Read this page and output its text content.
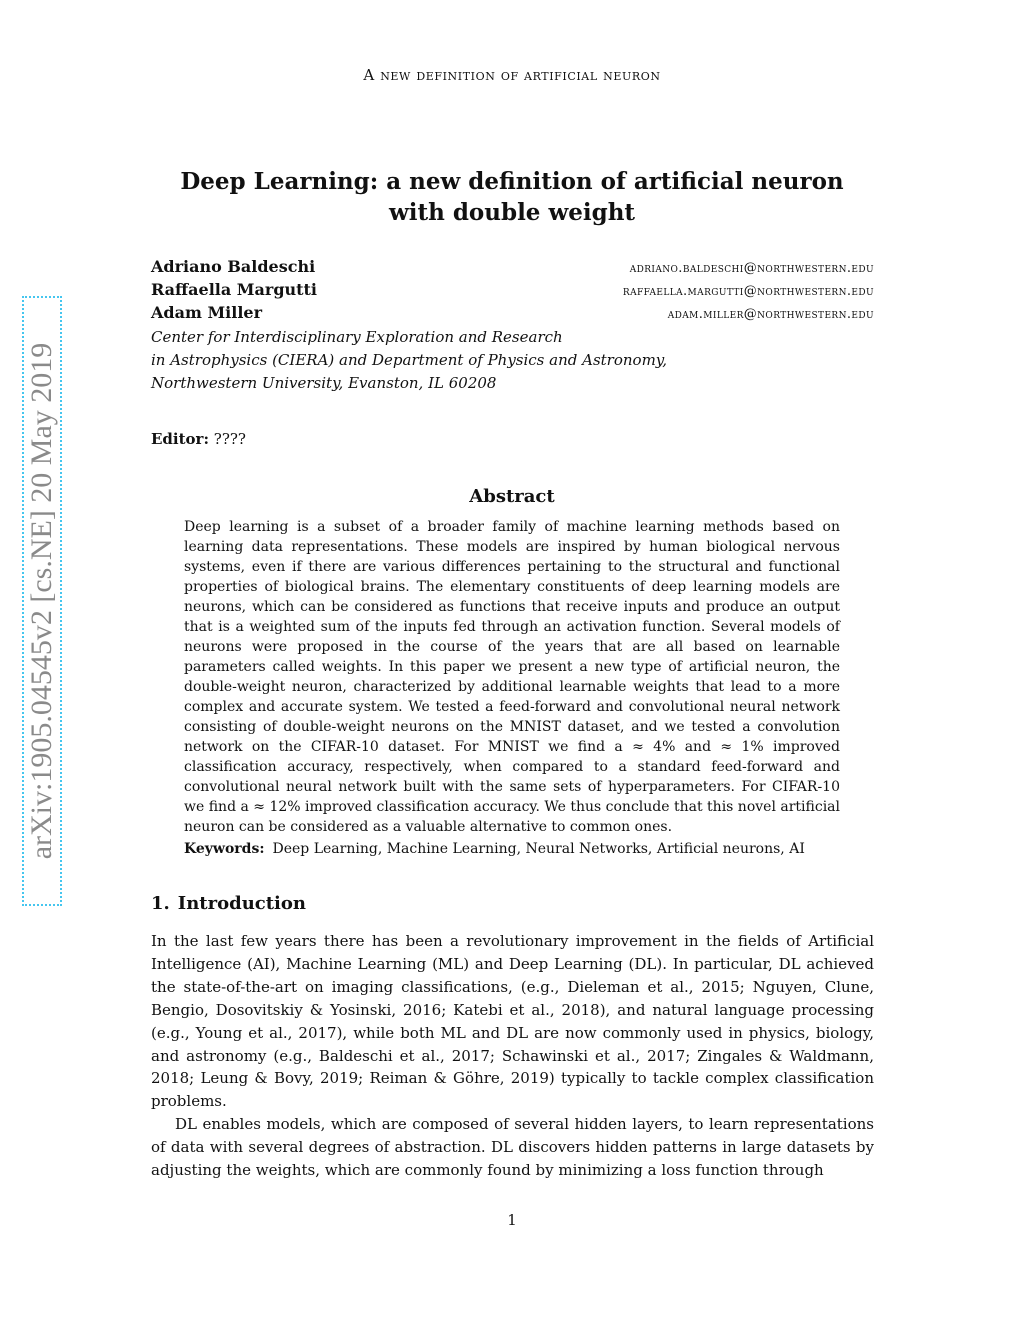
A new definition of artificial neuron
arXiv:1905.04545v2 [cs.NE] 20 May 2019
Deep Learning: a new definition of artificial neuron with double weight
Adriano Baldeschi	adriano.baldeschi@northwestern.edu
Raffaella Margutti	raffaella.margutti@northwestern.edu
Adam Miller	adam.miller@northwestern.edu
Center for Interdisciplinary Exploration and Research
in Astrophysics (CIERA) and Department of Physics and Astronomy,
Northwestern University, Evanston, IL 60208
Editor: ????
Abstract
Deep learning is a subset of a broader family of machine learning methods based on learning data representations. These models are inspired by human biological nervous systems, even if there are various differences pertaining to the structural and functional properties of biological brains. The elementary constituents of deep learning models are neurons, which can be considered as functions that receive inputs and produce an output that is a weighted sum of the inputs fed through an activation function. Several models of neurons were proposed in the course of the years that are all based on learnable parameters called weights. In this paper we present a new type of artificial neuron, the double-weight neuron, characterized by additional learnable weights that lead to a more complex and accurate system. We tested a feed-forward and convolutional neural network consisting of double-weight neurons on the MNIST dataset, and we tested a convolution network on the CIFAR-10 dataset. For MNIST we find a ≈ 4% and ≈ 1% improved classification accuracy, respectively, when compared to a standard feed-forward and convolutional neural network built with the same sets of hyperparameters. For CIFAR-10 we find a ≈ 12% improved classification accuracy. We thus conclude that this novel artificial neuron can be considered as a valuable alternative to common ones.
Keywords: Deep Learning, Machine Learning, Neural Networks, Artificial neurons, AI
1. Introduction

In the last few years there has been a revolutionary improvement in the fields of Artificial Intelligence (AI), Machine Learning (ML) and Deep Learning (DL). In particular, DL achieved the state-of-the-art on imaging classifications, (e.g., Dieleman et al., 2015; Nguyen, Clune, Bengio, Dosovitskiy & Yosinski, 2016; Katebi et al., 2018), and natural language processing (e.g., Young et al., 2017), while both ML and DL are now commonly used in physics, biology, and astronomy (e.g., Baldeschi et al., 2017; Schawinski et al., 2017; Zingales & Waldmann, 2018; Leung & Bovy, 2019; Reiman & Göhre, 2019) typically to tackle complex classification problems.

DL enables models, which are composed of several hidden layers, to learn representations of data with several degrees of abstraction. DL discovers hidden patterns in large datasets by adjusting the weights, which are commonly found by minimizing a loss function through

1
